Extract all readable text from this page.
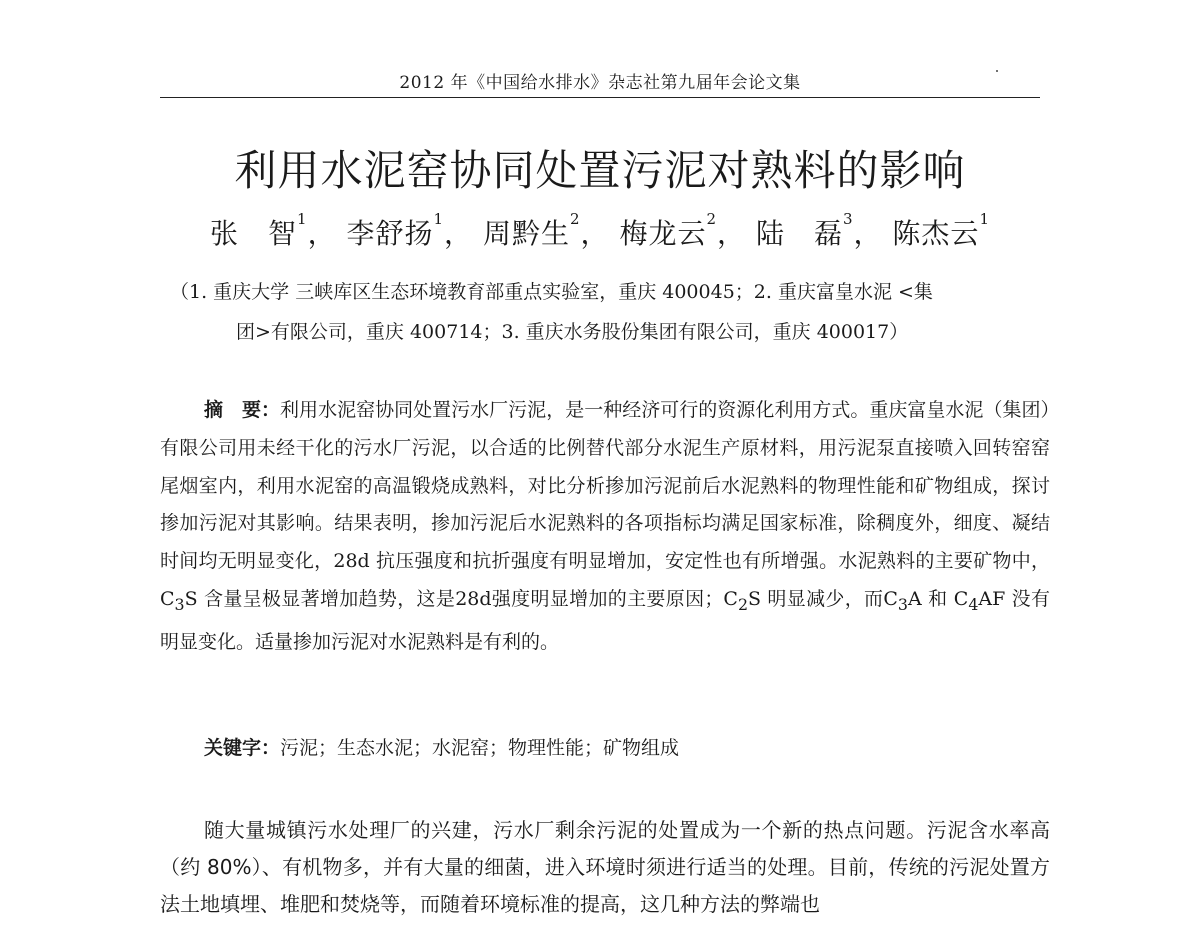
2012 年《中国给水排水》杂志社第九届年会论文集
利用水泥窑协同处置污泥对熟料的影响
张　智$^1$， 李舒扬$^1$， 周黔生$^2$， 梅龙云$^2$， 陆　磊$^3$， 陈杰云$^1$
（1. 重庆大学 三峡库区生态环境教育部重点实验室，重庆 400045；2. 重庆富皇水泥 <集
团>有限公司，重庆 400714；3. 重庆水务股份集团有限公司，重庆 400017）

摘　要：利用水泥窑协同处置污水厂污泥，是一种经济可行的资源化利用方式。重庆富皇水泥（集团）有限公司用未经干化的污水厂污泥，以合适的比例替代部分水泥生产原材料，用污泥泵直接喷入回转窑窑尾烟室内，利用水泥窑的高温锻烧成熟料，对比分析掺加污泥前后水泥熟料的物理性能和矿物组成，探讨掺加污泥对其影响。结果表明，掺加污泥后水泥熟料的各项指标均满足国家标准，除稠度外，细度、凝结时间均无明显变化，28d 抗压强度和抗折强度有明显增加，安定性也有所增强。水泥熟料的主要矿物中，$C_3S$ 含量呈极显著增加趋势，这是28d强度明显增加的主要原因；$C_2S$ 明显减少，而$C_3A$ 和 $C_4AF$ 没有明显变化。适量掺加污泥对水泥熟料是有利的。

关键字：污泥；生态水泥；水泥窑；物理性能；矿物组成

随大量城镇污水处理厂的兴建，污水厂剩余污泥的处置成为一个新的热点问题。污泥含水率高（约 80%）、有机物多，并有大量的细菌，进入环境时须进行适当的处理。目前，传统的污泥处置方法土地填埋、堆肥和焚烧等，而随着环境标准的提高，这几种方法的弊端也
